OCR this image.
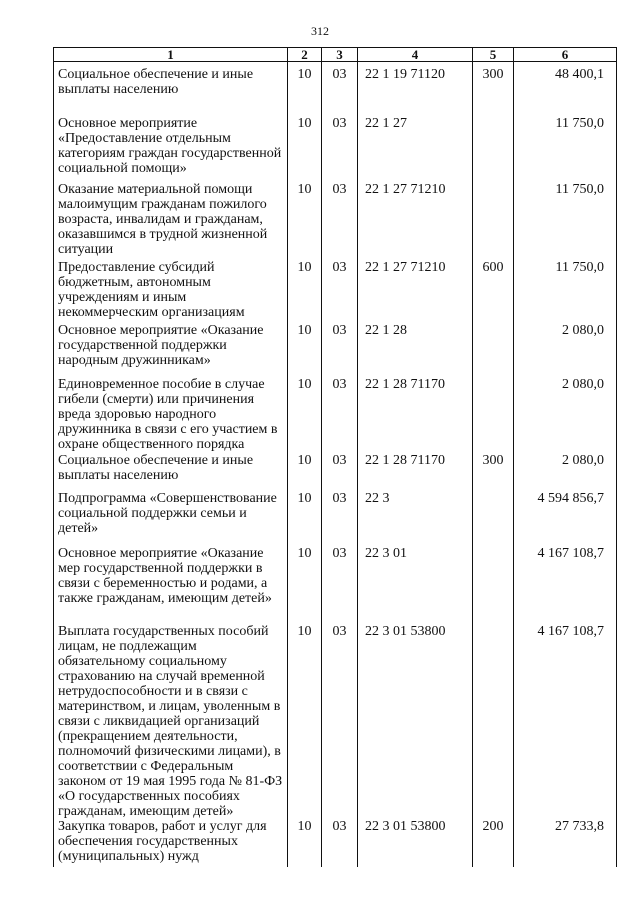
312
1	2	3	4	5	6
Социальное обеспечение и иные выплаты населению	10	03	22 1 19 71120	300	48 400,1
Основное мероприятие «Предоставление отдельным категориям граждан государственной социальной помощи»	10	03	22 1 27		11 750,0
Оказание материальной помощи малоимущим гражданам пожилого возраста, инвалидам и гражданам, оказавшимся в трудной жизненной ситуации	10	03	22 1 27 71210		11 750,0
Предоставление субсидий бюджетным, автономным учреждениям и иным некоммерческим организациям	10	03	22 1 27 71210	600	11 750,0
Основное мероприятие «Оказание государственной поддержки народным дружинникам»	10	03	22 1 28		2 080,0
Единовременное пособие в случае гибели (смерти) или причинения вреда здоровью народного дружинника в связи с его участием в охране общественного порядка	10	03	22 1 28 71170		2 080,0
Социальное обеспечение и иные выплаты населению	10	03	22 1 28 71170	300	2 080,0
Подпрограмма «Совершенствование социальной поддержки семьи и детей»	10	03	22 3		4 594 856,7
Основное мероприятие «Оказание мер государственной поддержки в связи с беременностью и родами, а также гражданам, имеющим детей»	10	03	22 3 01		4 167 108,7
Выплата государственных пособий лицам, не подлежащим обязательному социальному страхованию на случай временной нетрудоспособности и в связи с материнством, и лицам, уволенным в связи с ликвидацией организаций (прекращением деятельности, полномочий физическими лицами), в соответствии с Федеральным законом от 19 мая 1995 года № 81-ФЗ «О государственных пособиях гражданам, имеющим детей»	10	03	22 3 01 53800		4 167 108,7
Закупка товаров, работ и услуг для обеспечения государственных (муниципальных) нужд	10	03	22 3 01 53800	200	27 733,8
